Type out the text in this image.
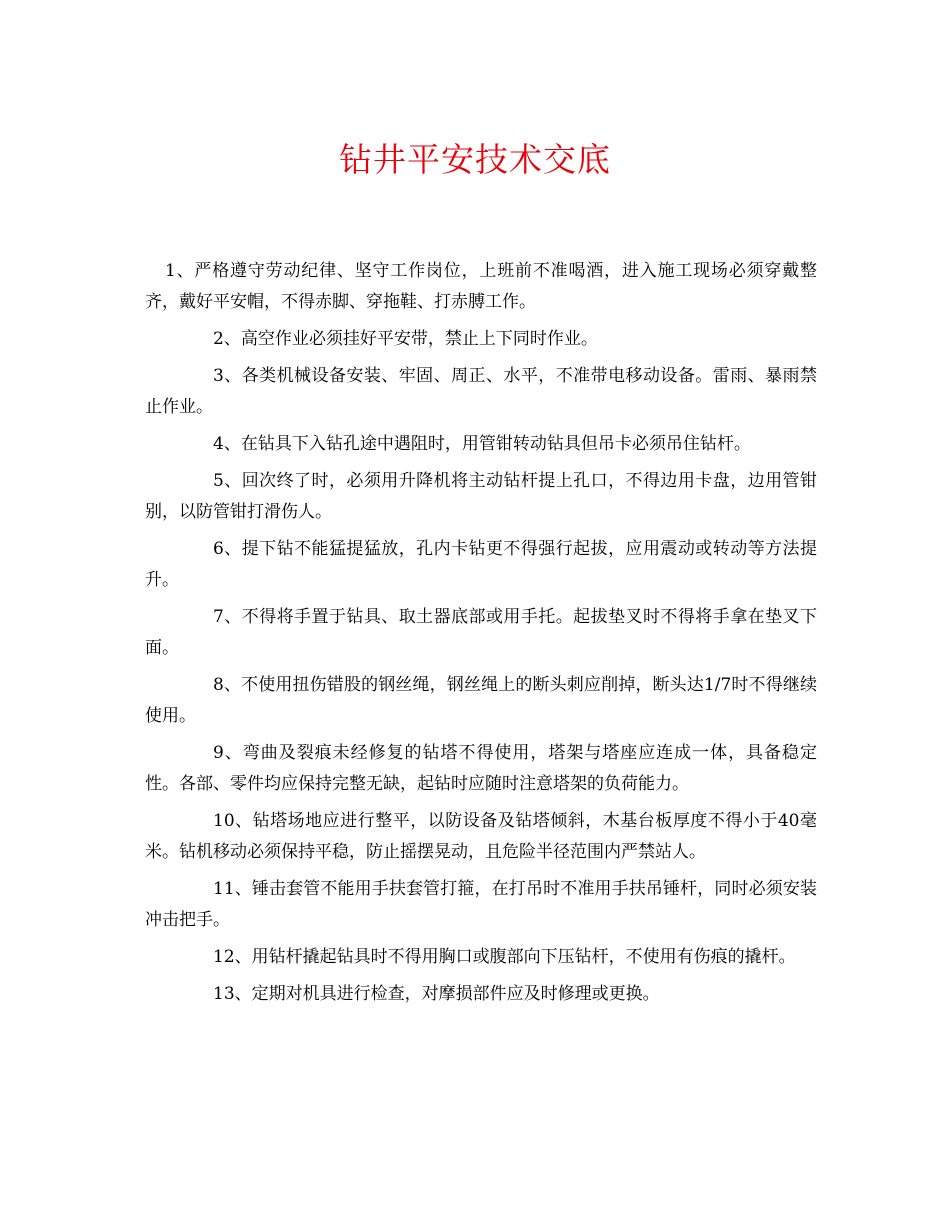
钻井平安技术交底

1、严格遵守劳动纪律、坚守工作岗位，上班前不准喝酒，进入施工现场必须穿戴整齐，戴好平安帽，不得赤脚、穿拖鞋、打赤膊工作。

2、高空作业必须挂好平安带，禁止上下同时作业。

3、各类机械设备安装、牢固、周正、水平，不准带电移动设备。雷雨、暴雨禁止作业。

4、在钻具下入钻孔途中遇阻时，用管钳转动钻具但吊卡必须吊住钻杆。

5、回次终了时，必须用升降机将主动钻杆提上孔口，不得边用卡盘，边用管钳别，以防管钳打滑伤人。

6、提下钻不能猛提猛放，孔内卡钻更不得强行起拔，应用震动或转动等方法提升。

7、不得将手置于钻具、取土器底部或用手托。起拔垫叉时不得将手拿在垫叉下面。

8、不使用扭伤错股的钢丝绳，钢丝绳上的断头刺应削掉，断头达1/7时不得继续使用。

9、弯曲及裂痕未经修复的钻塔不得使用，塔架与塔座应连成一体，具备稳定性。各部、零件均应保持完整无缺，起钻时应随时注意塔架的负荷能力。

10、钻塔场地应进行整平，以防设备及钻塔倾斜，木基台板厚度不得小于40毫米。钻机移动必须保持平稳，防止摇摆晃动，且危险半径范围内严禁站人。

11、锤击套管不能用手扶套管打箍，在打吊时不准用手扶吊锤杆，同时必须安装冲击把手。

12、用钻杆撬起钻具时不得用胸口或腹部向下压钻杆，不使用有伤痕的撬杆。

13、定期对机具进行检查，对摩损部件应及时修理或更换。
